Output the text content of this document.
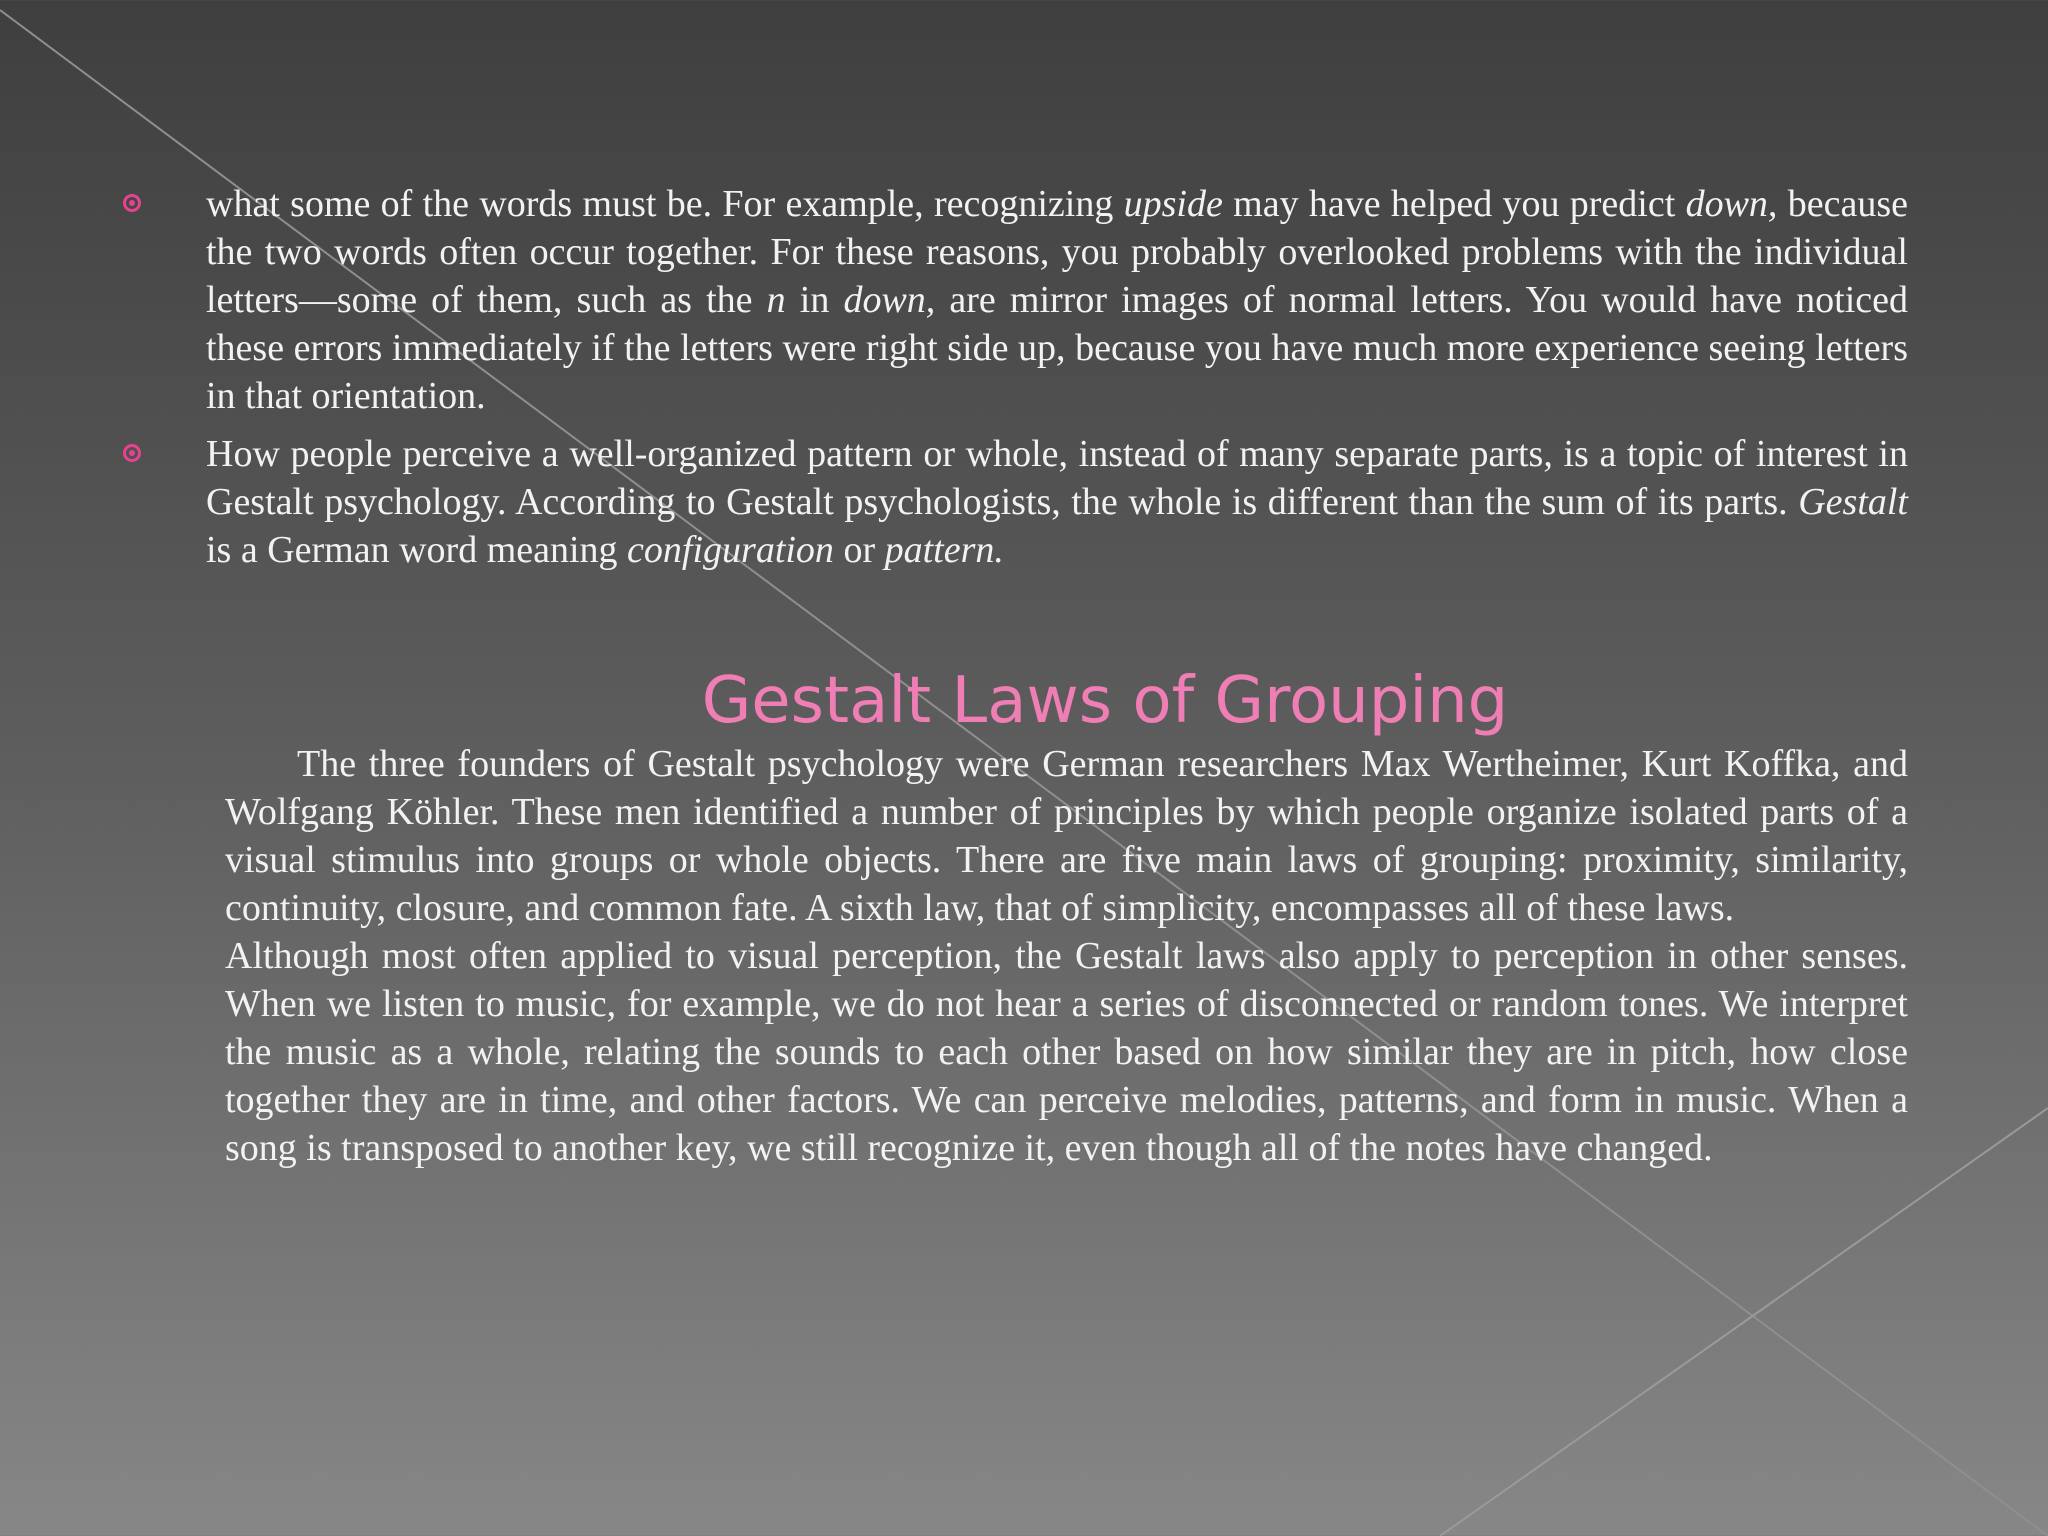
what some of the words must be. For example, recognizing upside may have helped you predict down, because the two words often occur together. For these reasons, you probably overlooked problems with the individual letters—some of them, such as the n in down, are mirror images of normal letters. You would have noticed these errors immediately if the letters were right side up, because you have much more experience seeing letters in that orientation.
How people perceive a well-organized pattern or whole, instead of many separate parts, is a topic of interest in Gestalt psychology. According to Gestalt psychologists, the whole is different than the sum of its parts. Gestalt is a German word meaning configuration or pattern.
Gestalt Laws of Grouping

The three founders of Gestalt psychology were German researchers Max Wertheimer, Kurt Koffka, and Wolfgang Köhler. These men identified a number of principles by which people organize isolated parts of a visual stimulus into groups or whole objects. There are five main laws of grouping: proximity, similarity, continuity, closure, and common fate. A sixth law, that of simplicity, encompasses all of these laws.

Although most often applied to visual perception, the Gestalt laws also apply to perception in other senses. When we listen to music, for example, we do not hear a series of disconnected or random tones. We interpret the music as a whole, relating the sounds to each other based on how similar they are in pitch, how close together they are in time, and other factors. We can perceive melodies, patterns, and form in music. When a song is transposed to another key, we still recognize it, even though all of the notes have changed.
